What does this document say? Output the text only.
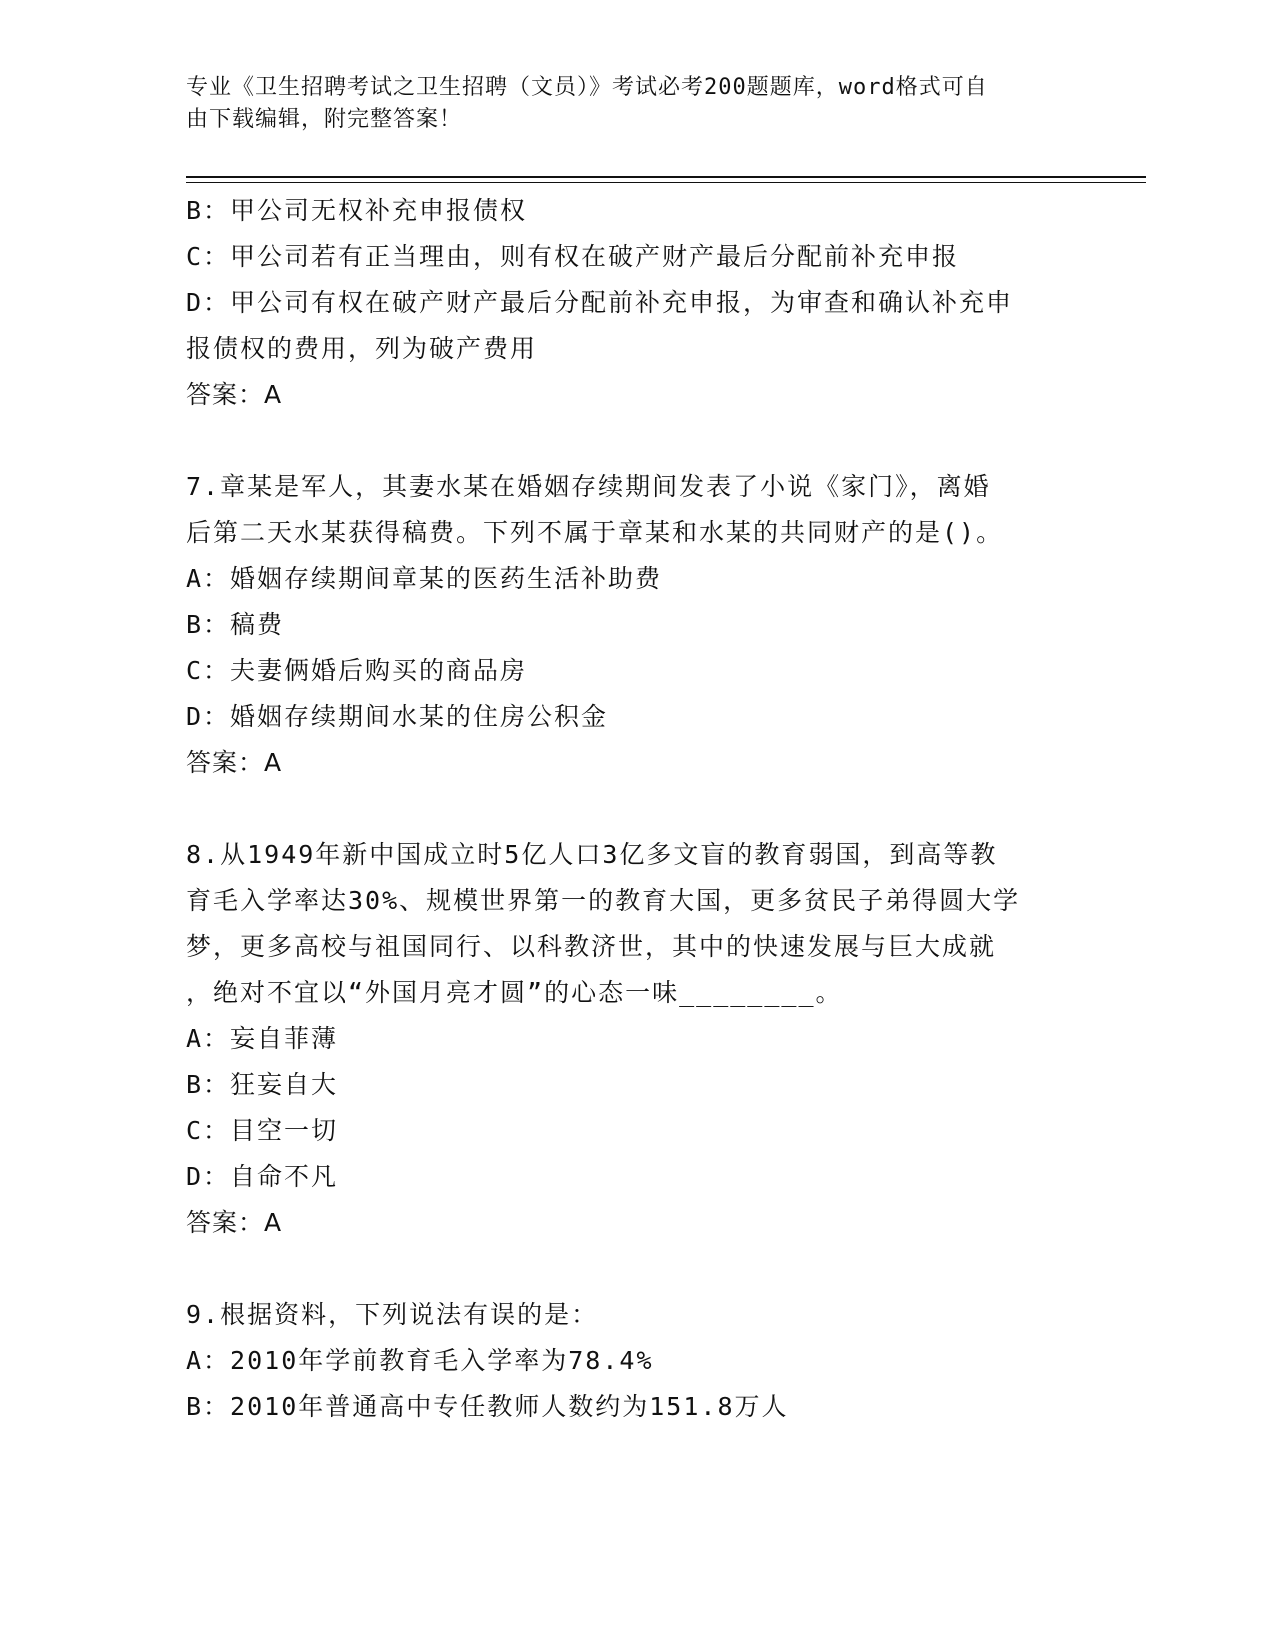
专业《卫生招聘考试之卫生招聘（文员）》考试必考200题题库，word格式可自
由下载编辑，附完整答案！
B：甲公司无权补充申报债权
C：甲公司若有正当理由，则有权在破产财产最后分配前补充申报
D：甲公司有权在破产财产最后分配前补充申报，为审查和确认补充申
报债权的费用，列为破产费用
答案：A
7.章某是军人，其妻水某在婚姻存续期间发表了小说《家门》，离婚
后第二天水某获得稿费。下列不属于章某和水某的共同财产的是()。
A：婚姻存续期间章某的医药生活补助费
B：稿费
C：夫妻俩婚后购买的商品房
D：婚姻存续期间水某的住房公积金
答案：A
8.从1949年新中国成立时5亿人口3亿多文盲的教育弱国，到高等教
育毛入学率达30%、规模世界第一的教育大国，更多贫民子弟得圆大学
梦，更多高校与祖国同行、以科教济世，其中的快速发展与巨大成就
，绝对不宜以“外国月亮才圆”的心态一味________。
A：妄自菲薄
B：狂妄自大
C：目空一切
D：自命不凡
答案：A
9.根据资料，下列说法有误的是：
A：2010年学前教育毛入学率为78.4%
B：2010年普通高中专任教师人数约为151.8万人
